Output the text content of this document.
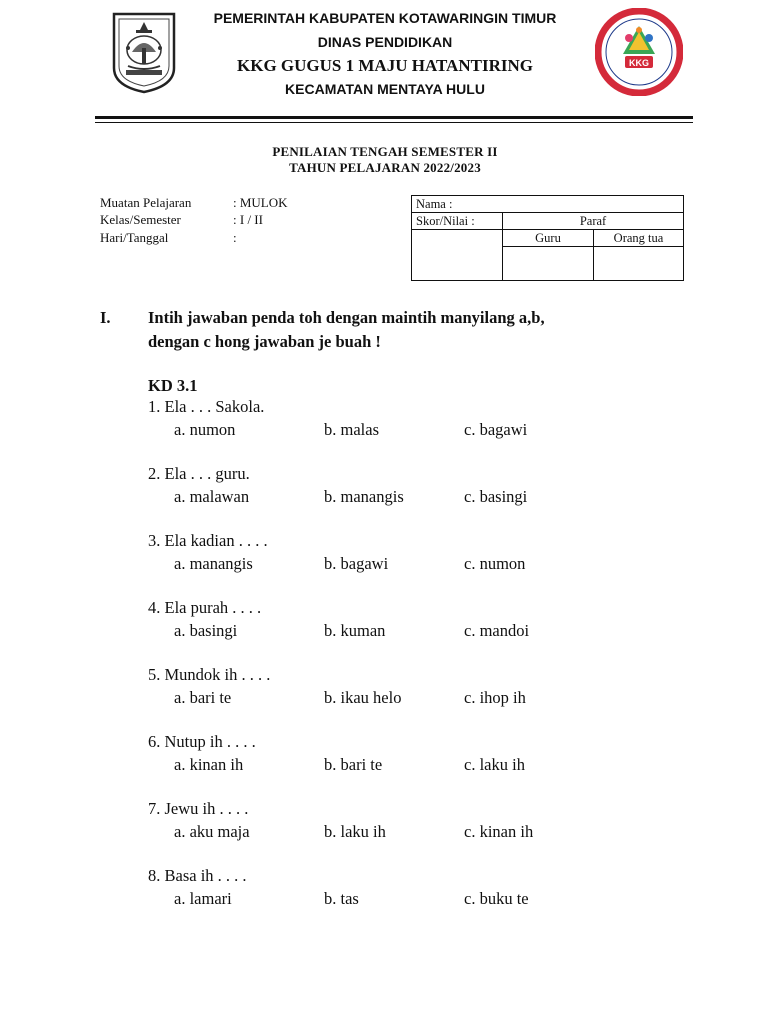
KKG
PEMERINTAH KABUPATEN KOTAWARINGIN TIMUR
DINAS PENDIDIKAN
KKG GUGUS 1 MAJU HATANTIRING
KECAMATAN MENTAYA HULU
PENILAIAN TENGAH SEMESTER II
TAHUN PELAJARAN 2022/2023
Muatan Pelajaran	: MULOK
Kelas/Semester	: I / II
Hari/Tanggal	:
Nama :		
Skor/Nilai :	Paraf	
	Guru	Orang tua

I. Intih jawaban penda toh dengan maintih manyilang a,b,
dengan c hong jawaban je buah !
KD 3.1
1. Ela . . . Sakola.
a. numon	b. malas	c. bagawi
2. Ela . . . guru.
a. malawan	b. manangis	c. basingi
3. Ela kadian . . . .
a. manangis	b. bagawi	c. numon
4. Ela purah . . . .
a. basingi	b. kuman	c. mandoi
5. Mundok ih . . . .
a. bari te	b. ikau helo	c. ihop ih
6. Nutup ih . . . .
a. kinan ih	b. bari te	c. laku ih
7. Jewu ih . . . .
a. aku maja	b. laku ih	c. kinan ih
8. Basa ih . . . .
a. lamari	b. tas	c. buku te
